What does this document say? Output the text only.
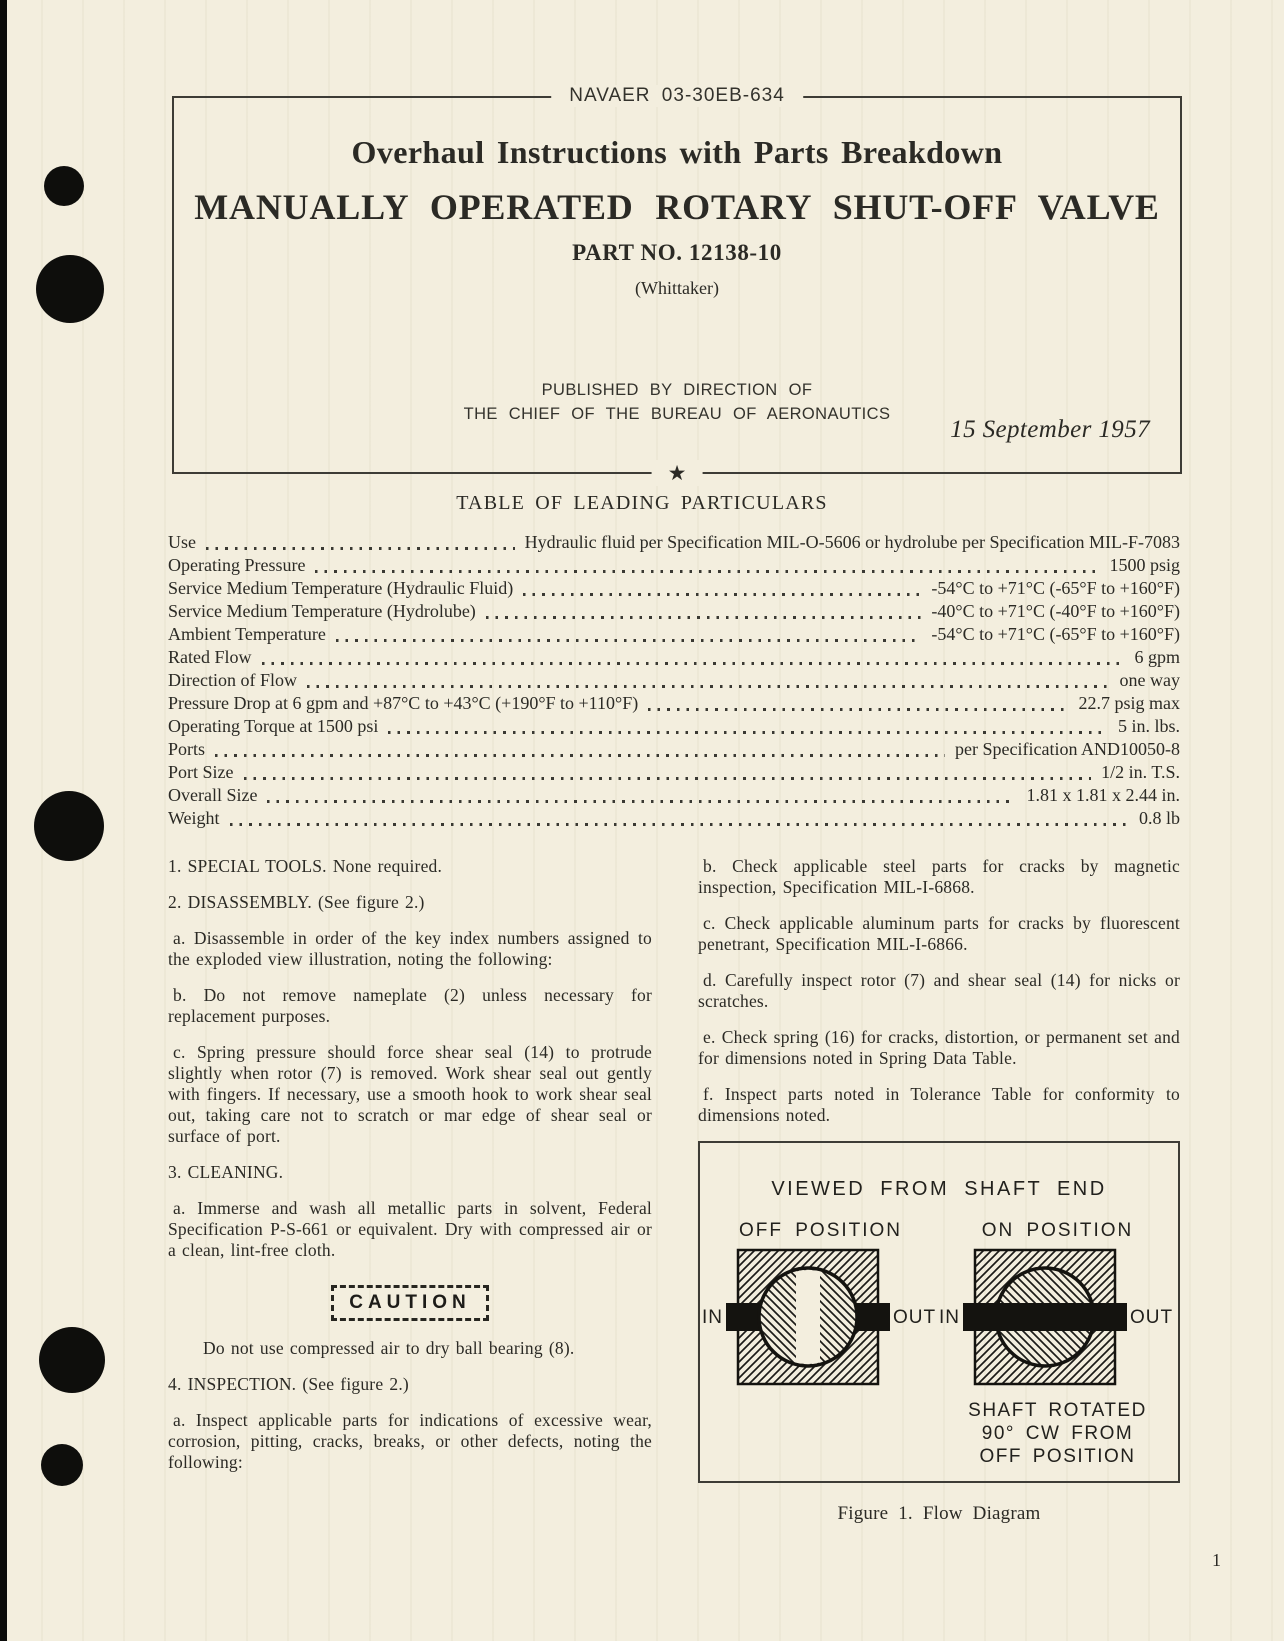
NAVAER 03-30EB-634
Overhaul Instructions with Parts Breakdown
MANUALLY OPERATED ROTARY SHUT-OFF VALVE
PART NO. 12138-10
(Whittaker)
PUBLISHED BY DIRECTION OF
THE CHIEF OF THE BUREAU OF AERONAUTICS
15 September 1957
★
TABLE OF LEADING PARTICULARS
Use	Hydraulic fluid per Specification MIL-O-5606 or hydrolube per Specification MIL-F-7083
Operating Pressure	1500 psig
Service Medium Temperature (Hydraulic Fluid)	-54°C to +71°C (-65°F to +160°F)
Service Medium Temperature (Hydrolube)	-40°C to +71°C (-40°F to +160°F)
Ambient Temperature	-54°C to +71°C (-65°F to +160°F)
Rated Flow	6 gpm
Direction of Flow	one way
Pressure Drop at 6 gpm and +87°C to +43°C (+190°F to +110°F)	22.7 psig max
Operating Torque at 1500 psi	5 in. lbs.
Ports	per Specification AND10050-8
Port Size	1/2 in. T.S.
Overall Size	1.81 x 1.81 x 2.44 in.
Weight	0.8 lb

1. SPECIAL TOOLS. None required.

2. DISASSEMBLY. (See figure 2.)

a. Disassemble in order of the key index numbers assigned to the exploded view illustration, noting the following:

b. Do not remove nameplate (2) unless necessary for replacement purposes.

c. Spring pressure should force shear seal (14) to protrude slightly when rotor (7) is removed. Work shear seal out gently with fingers. If necessary, use a smooth hook to work shear seal out, taking care not to scratch or mar edge of shear seal or surface of port.

3. CLEANING.

a. Immerse and wash all metallic parts in solvent, Federal Specification P-S-661 or equivalent. Dry with compressed air or a clean, lint-free cloth.

CAUTION

Do not use compressed air to dry ball bearing (8).

4. INSPECTION. (See figure 2.)

a. Inspect applicable parts for indications of excessive wear, corrosion, pitting, cracks, breaks, or other defects, noting the following:

b. Check applicable steel parts for cracks by magnetic inspection, Specification MIL-I-6868.

c. Check applicable aluminum parts for cracks by fluorescent penetrant, Specification MIL-I-6866.

d. Carefully inspect rotor (7) and shear seal (14) for nicks or scratches.

e. Check spring (16) for cracks, distortion, or permanent set and for dimensions noted in Spring Data Table.

f. Inspect parts noted in Tolerance Table for conformity to dimensions noted.

VIEWED FROM SHAFT END
OFF POSITION
IN	OUT
ON POSITION
IN	OUT
SHAFT ROTATED
90° CW FROM
OFF POSITION
Figure 1. Flow Diagram
1
